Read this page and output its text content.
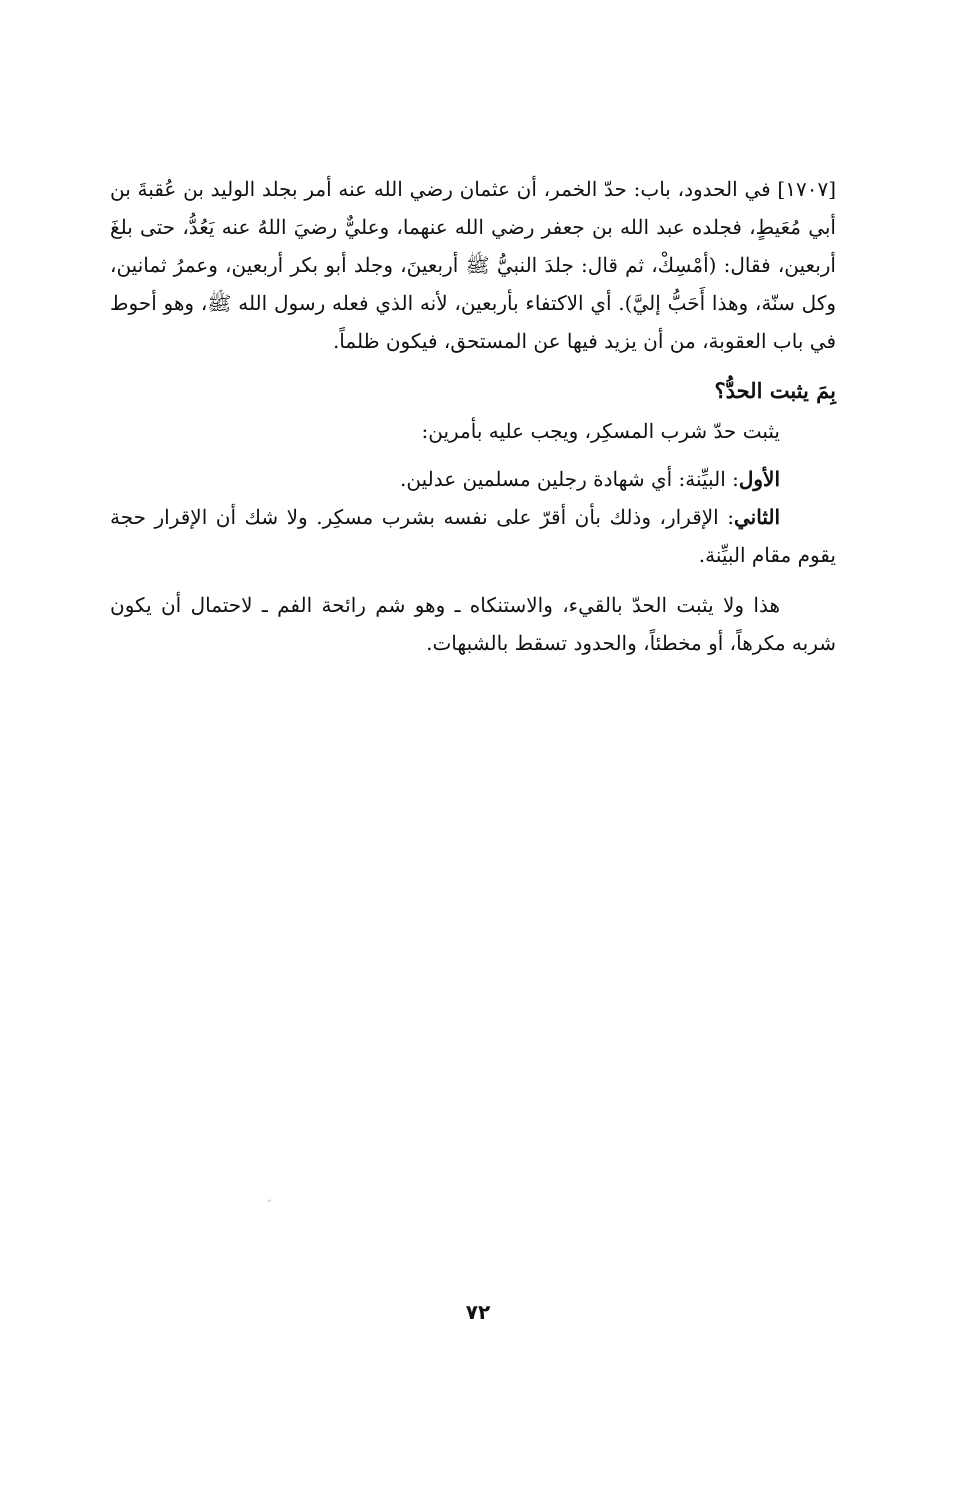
[١٧٠٧] في الحدود، باب: حدّ الخمر، أن عثمان رضي الله عنه أمر بجلد الوليد بن عُقبةَ بن أبي مُعَيطٍ، فجلده عبد الله بن جعفر رضي الله عنهما، وعليٌّ رضيَ اللهُ عنه يَعُدُّ، حتى بلغَ أربعين، فقال: (أمْسِكْ، ثم قال: جلدَ النبيُّ ﷺ أربعينَ، وجلد أبو بكر أربعين، وعمرُ ثمانين، وكل سنّة، وهذا أَحَبُّ إليَّ). أي الاكتفاء بأربعين، لأنه الذي فعله رسول الله ﷺ، وهو أحوط في باب العقوبة، من أن يزيد فيها عن المستحق، فيكون ظلماً.

بِمَ يثبت الحدُّ؟

يثبت حدّ شرب المسكِر، ويجب عليه بأمرين:

الأول: البيِّنة: أي شهادة رجلين مسلمين عدلين.

الثاني: الإقرار، وذلك بأن أقرّ على نفسه بشرب مسكِر. ولا شك أن الإقرار حجة يقوم مقام البيِّنة.

هذا ولا يثبت الحدّ بالقيء، والاستنكاه ـ وهو شم رائحة الفم ـ لاحتمال أن يكون شربه مكرهاً، أو مخطئاً، والحدود تسقط بالشبهات.

ﹰ
٧٢
